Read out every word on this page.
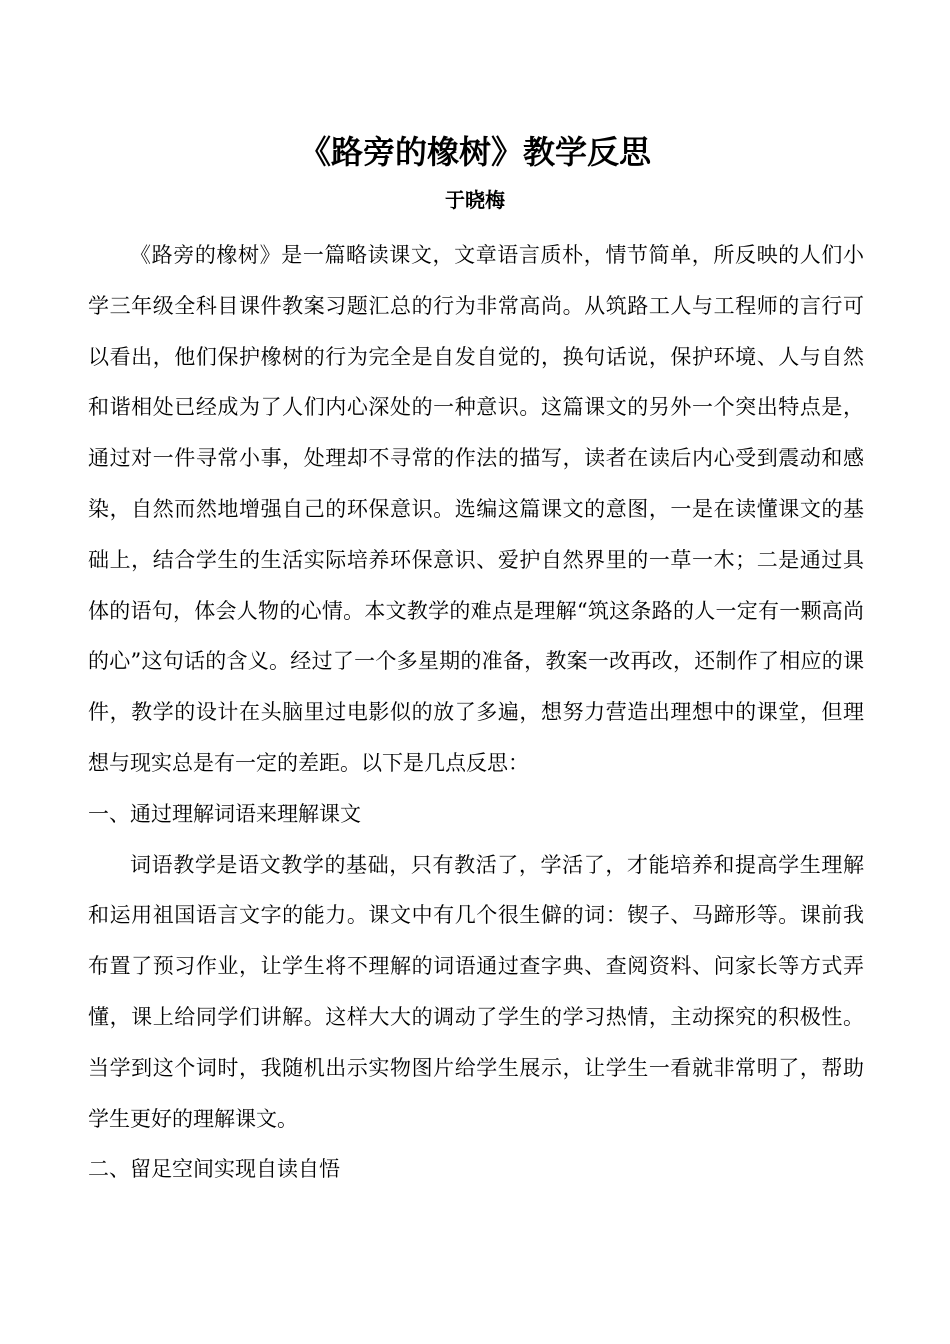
《路旁的橡树》教学反思
于晓梅

《路旁的橡树》是一篇略读课文，文章语言质朴，情节简单，所反映的人们小学三年级全科目课件教案习题汇总的行为非常高尚。从筑路工人与工程师的言行可以看出，他们保护橡树的行为完全是自发自觉的，换句话说，保护环境、人与自然和谐相处已经成为了人们内心深处的一种意识。这篇课文的另外一个突出特点是，通过对一件寻常小事，处理却不寻常的作法的描写，读者在读后内心受到震动和感染，自然而然地增强自己的环保意识。选编这篇课文的意图，一是在读懂课文的基础上，结合学生的生活实际培养环保意识、爱护自然界里的一草一木；二是通过具体的语句，体会人物的心情。本文教学的难点是理解“筑这条路的人一定有一颗高尚的心”这句话的含义。经过了一个多星期的准备，教案一改再改，还制作了相应的课件，教学的设计在头脑里过电影似的放了多遍，想努力营造出理想中的课堂，但理想与现实总是有一定的差距。以下是几点反思：

一、通过理解词语来理解课文

词语教学是语文教学的基础，只有教活了，学活了，才能培养和提高学生理解和运用祖国语言文字的能力。课文中有几个很生僻的词：锲子、马蹄形等。课前我布置了预习作业，让学生将不理解的词语通过查字典、查阅资料、问家长等方式弄懂，课上给同学们讲解。这样大大的调动了学生的学习热情，主动探究的积极性。当学到这个词时，我随机出示实物图片给学生展示，让学生一看就非常明了，帮助学生更好的理解课文。

二、留足空间实现自读自悟
